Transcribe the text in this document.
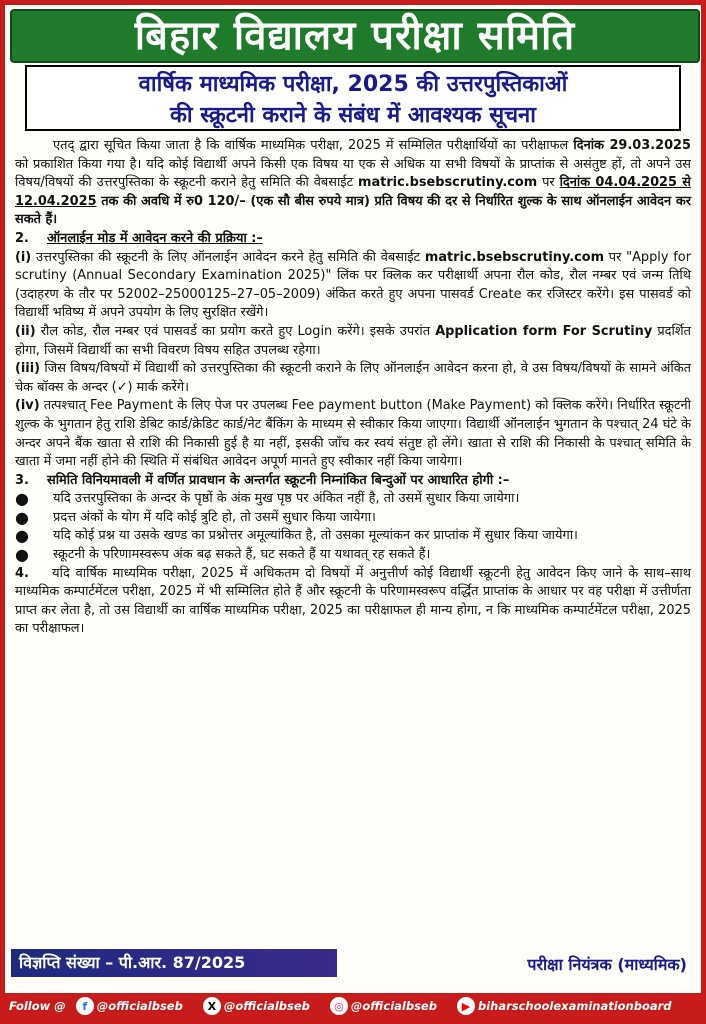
बिहार विद्यालय परीक्षा समिति
वार्षिक माध्यमिक परीक्षा, 2025 की उत्तरपुस्तिकाओं
की स्क्रूटनी कराने के संबंध में आवश्यक सूचना

एतद् द्वारा सूचित किया जाता है कि वार्षिक माध्यमिक परीक्षा, 2025 में सम्मिलित परीक्षार्थियों का परीक्षाफल दिनांक 29.03.2025 को प्रकाशित किया गया है। यदि कोई विद्यार्थी अपने किसी एक विषय या एक से अधिक या सभी विषयों के प्राप्तांक से असंतुष्ट हों, तो अपने उस विषय/विषयों की उत्तरपुस्तिका के स्क्रूटनी कराने हेतु समिति की वेबसाईट matric.bsebscrutiny.com पर दिनांक 04.04.2025 से 12.04.2025 तक की अवधि में रु0 120/– (एक सौ बीस रुपये मात्र) प्रति विषय की दर से निर्धारित शुल्क के साथ ऑनलाईन आवेदन कर सकते हैं।

2.	ऑनलाईन मोड में आवेदन करने की प्रक्रिया :–

(i) उत्तरपुस्तिका की स्क्रूटनी के लिए ऑनलाईन आवेदन करने हेतु समिति की वेबसाईट matric.bsebscrutiny.com पर "Apply for scrutiny (Annual Secondary Examination 2025)" लिंक पर क्लिक कर परीक्षार्थी अपना रौल कोड, रौल नम्बर एवं जन्म तिथि (उदाहरण के तौर पर 52002–25000125–27–05–2009) अंकित करते हुए अपना पासवर्ड Create कर रजिस्टर करेंगे। इस पासवर्ड को विद्यार्थी भविष्य में अपने उपयोग के लिए सुरक्षित रखेंगे।

(ii) रौल कोड, रौल नम्बर एवं पासवर्ड का प्रयोग करते हुए Login करेंगे। इसके उपरांत Application form For Scrutiny प्रदर्शित होगा, जिसमें विद्यार्थी का सभी विवरण विषय सहित उपलब्ध रहेगा।

(iii) जिस विषय/विषयों में विद्यार्थी को उत्तरपुस्तिका की स्क्रूटनी कराने के लिए ऑनलाईन आवेदन करना हो, वे उस विषय/विषयों के सामने अंकित चेक बॉक्स के अन्दर (✓) मार्क करेंगे।

(iv) तत्पश्चात् Fee Payment के लिए पेज पर उपलब्ध Fee payment button (Make Payment) को क्लिक करेंगे। निर्धारित स्क्रूटनी शुल्क के भुगतान हेतु राशि डेबिट कार्ड/क्रेडिट कार्ड/नेट बैंकिंग के माध्यम से स्वीकार किया जाएगा। विद्यार्थी ऑनलाईन भुगतान के पश्चात् 24 घंटे के अन्दर अपने बैंक खाता से राशि की निकासी हुई है या नहीं, इसकी जाँच कर स्वयं संतुष्ट हो लेंगे। खाता से राशि की निकासी के पश्चात् समिति के खाता में जमा नहीं होने की स्थिति में संबंधित आवेदन अपूर्ण मानते हुए स्वीकार नहीं किया जायेगा।

3.	समिति विनियमावली में वर्णित प्रावधान के अन्तर्गत स्क्रूटनी निम्नांकित बिन्दुओं पर आधारित होगी :–
●	यदि उत्तरपुस्तिका के अन्दर के पृष्ठों के अंक मुख पृष्ठ पर अंकित नहीं है, तो उसमें सुधार किया जायेगा।
●	प्रदत्त अंकों के योग में यदि कोई त्रुटि हो, तो उसमें सुधार किया जायेगा।
●	यदि कोई प्रश्न या उसके खण्ड का प्रश्नोत्तर अमूल्यांकित है, तो उसका मूल्यांकन कर प्राप्तांक में सुधार किया जायेगा।
●	स्क्रूटनी के परिणामस्वरूप अंक बढ़ सकते हैं, घट सकते हैं या यथावत् रह सकते हैं।

4. यदि वार्षिक माध्यमिक परीक्षा, 2025 में अधिकतम दो विषयों में अनुत्तीर्ण कोई विद्यार्थी स्क्रूटनी हेतु आवेदन किए जाने के साथ–साथ माध्यमिक कम्पार्टमेंटल परीक्षा, 2025 में भी सम्मिलित होते हैं और स्क्रूटनी के परिणामस्वरूप वर्द्धित प्राप्तांक के आधार पर वह परीक्षा में उत्तीर्णता प्राप्त कर लेता है, तो उस विद्यार्थी का वार्षिक माध्यमिक परीक्षा, 2025 का परीक्षाफल ही मान्य होगा, न कि माध्यमिक कम्पार्टमेंटल परीक्षा, 2025 का परीक्षाफल।

विज्ञप्ति संख्या – पी.आर. 87/2025	परीक्षा नियंत्रक (माध्यमिक)
Follow @	f @officialbseb	X @officialbseb	◎ @officialbseb	▶ biharschoolexaminationboard
